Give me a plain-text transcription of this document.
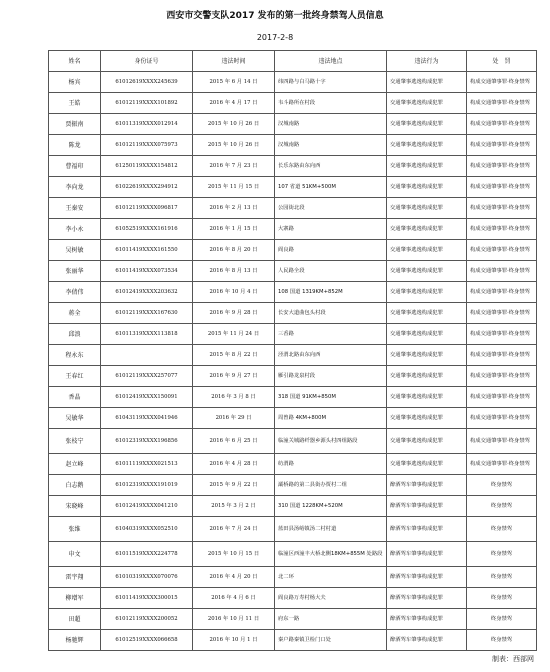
西安市交警支队2017 发布的第一批终身禁驾人员信息
2017-2-8
姓名	身份证号	违法时间	违法地点	违法行为	处　罚
杨宾	61012619XXXX245639	2015 年 6 月 14 日	纬四路与白马路十字	交通肇事逃逸构成犯罪	构成交通肇事罪·终身禁驾
王皓	61012119XXXX101892	2016 年 4 月 17 日	韦斗路所在村段	交通肇事逃逸构成犯罪	构成交通肇事罪·终身禁驾
贾振南	61011319XXXX012914	2015 年 10 月 26 日	汉城南路	交通肇事逃逸构成犯罪	构成交通肇事罪·终身禁驾
陈龙	61012119XXXX075973	2015 年 10 月 26 日	汉城南路	交通肇事逃逸构成犯罪	构成交通肇事罪·终身禁驾
曹福印	61250119XXXX154812	2016 年 7 月 23 日	长乐东路由东向西	交通肇事逃逸构成犯罪	构成交通肇事罪·终身禁驾
李向龙	61022619XXXX294912	2015 年 11 月 15 日	107 省道 51KM+500M	交通肇事逃逸构成犯罪	构成交通肇事罪·终身禁驾
王秦安	61012119XXXX096817	2016 年 2 月 13 日	公园街北段	交通肇事逃逸构成犯罪	构成交通肇事罪·终身禁驾
李小永	61052519XXXX161916	2016 年 1 月 15 日	大寨路	交通肇事逃逸构成犯罪	构成交通肇事罪·终身禁驾
吴树敏	61011419XXXX161550	2016 年 8 月 20 日	阎良路	交通肇事逃逸构成犯罪	构成交通肇事罪·终身禁驾
张丽华	61011419XXXX073534	2016 年 8 月 13 日	人民路全段	交通肇事逃逸构成犯罪	构成交通肇事罪·终身禁驾
李倩伟	61012419XXXX203632	2016 年 10 月 4 日	108 国道 1319KM+852M	交通肇事逃逸构成犯罪	构成交通肇事罪·终身禁驾
蒋全	61012119XXXX167630	2016 年 9 月 28 日	长安大道曲包头村段	交通肇事逃逸构成犯罪	构成交通肇事罪·终身禁驾
邱浪	61011319XXXX113818	2015 年 11 月 24 日	三香路	交通肇事逃逸构成犯罪	构成交通肇事罪·终身禁驾
程永东		2015 年 8 月 22 日	泾渭北路由东向西	交通肇事逃逸构成犯罪	构成交通肇事罪·终身禁驾
王春红	61012119XXXX257077	2016 年 9 月 27 日	雁引路龙泉村段	交通肇事逃逸构成犯罪	构成交通肇事罪·终身禁驾
香晶	61012419XXXX150091	2016 年 3 月 8 日	318 国道 91KM+850M	交通肇事逃逸构成犯罪	构成交通肇事罪·终身禁驾
吴敏华	61043119XXXX041946	2016 年 29 日	周曾路 4KM+800M	交通肇事逃逸构成犯罪	构成交通肇事罪·终身禁驾
张枝宁	61012319XXXX196856	2016 年 6 月 25 日	临潼关城路纤器乡源头村四组路段	交通肇事逃逸构成犯罪	构成交通肇事罪·终身禁驾
赵立峰	61011119XXXX021513	2016 年 4 月 28 日	纺渭路	交通肇事逃逸构成犯罪	构成交通肇事罪·终身禁驾
白志鹅	61012319XXXX191019	2015 年 9 月 22 日	灞桥路的第二县街办贾村二组	醉酒驾车肇事构成犯罪	终身禁驾
宋晓峰	61012419XXXX041210	2015 年 3 月 2 日	310 国道 1228KM+520M	醉酒驾车肇事构成犯罪	终身禁驾
张维	61040319XXXX052510	2016 年 7 月 24 日	蓝田县汤峪镇汤二村村道	醉酒驾车肇事构成犯罪	终身禁驾
申文	61011519XXXX224778	2015 年 10 月 15 日	临潼区西潼丰大桥北侧18KM+855M 处路段	醉酒驾车肇事构成犯罪	终身禁驾
雷宇翔	61010319XXXX070076	2016 年 4 月 20 日	北二环	醉酒驾车肇事构成犯罪	终身禁驾
柳增军	61011419XXXX300015	2016 年 4 月 6 日	阎良路万寿村杨大夫	醉酒驾车肇事构成犯罪	终身禁驾
田超	61012119XXXX200052	2016 年 10 月 11 日	府东一路	醉酒驾车肇事构成犯罪	终身禁驾
杨驰辉	61012519XXXX066658	2016 年 10 月 1 日	秦户路秦镇卫检门口处	醉酒驾车肇事构成犯罪	终身禁驾
制表：西部网
